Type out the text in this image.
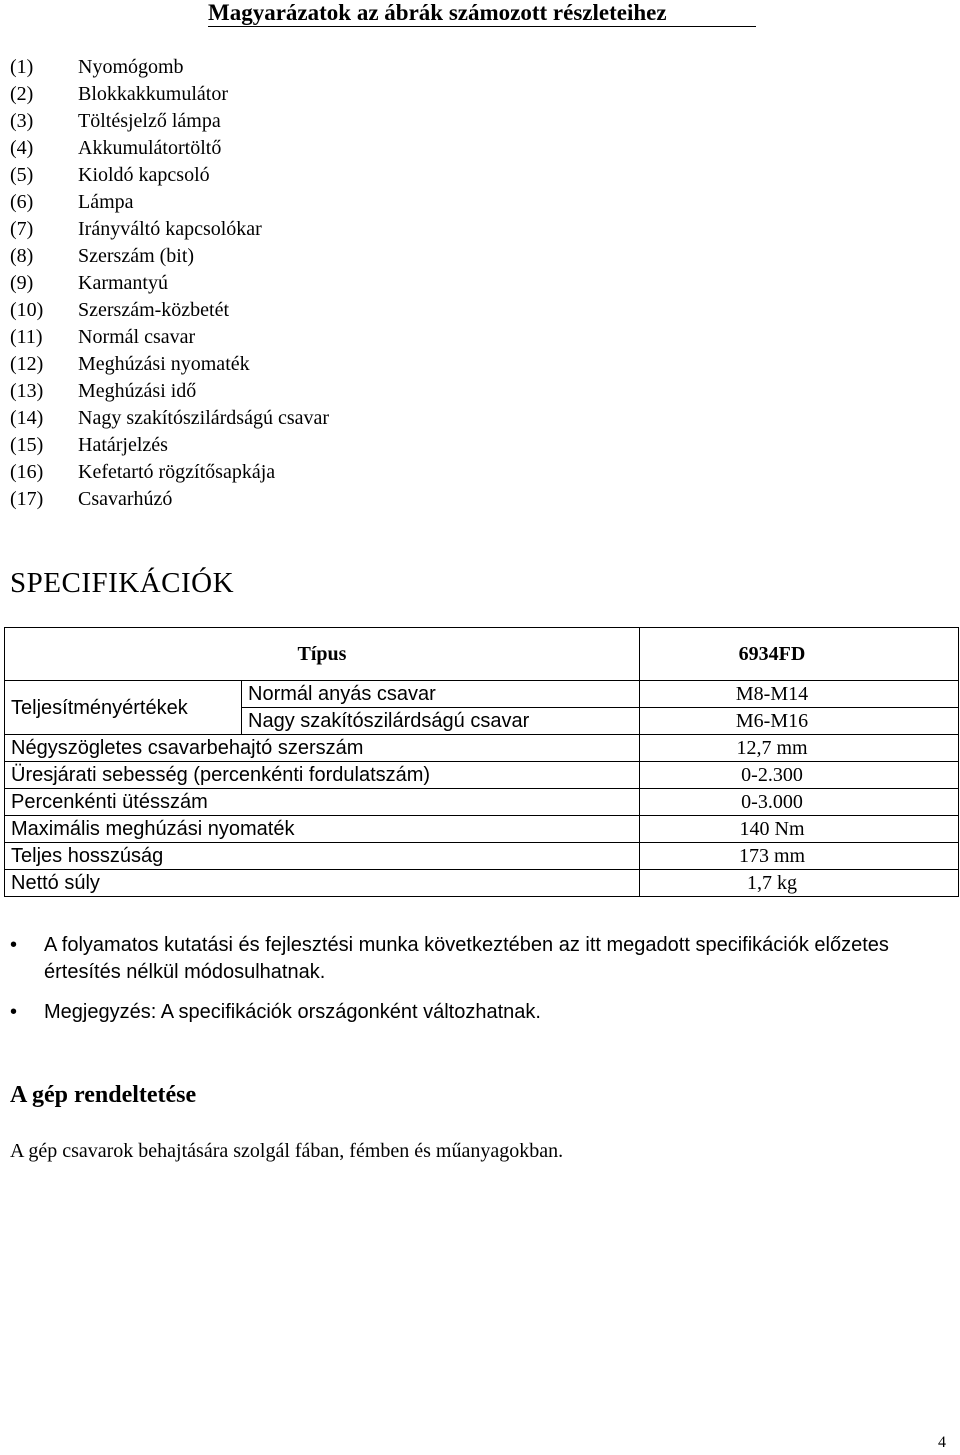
Magyarázatok az ábrák számozott részleteihez
(1) Nyomógomb
(2) Blokkakkumulátor
(3) Töltésjelző lámpa
(4) Akkumulátortöltő
(5) Kioldó kapcsoló
(6) Lámpa
(7) Irányváltó kapcsolókar
(8) Szerszám (bit)
(9) Karmantyú
(10) Szerszám-közbetét
(11) Normál csavar
(12) Meghúzási nyomaték
(13) Meghúzási idő
(14) Nagy szakítószilárdságú csavar
(15) Határjelzés
(16) Kefetartó rögzítősapkája
(17) Csavarhúzó
SPECIFIKÁCIÓK
Típus		6934FD
Teljesítményértékek	Normál anyás csavar	M8-M14
	Nagy szakítószilárdságú csavar	M6-M16
Négyszögletes csavarbehajtó szerszám		12,7 mm
Üresjárati sebesség (percenkénti fordulatszám)		0-2.300
Percenkénti ütésszám		0-3.000
Maximális meghúzási nyomaték		140 Nm
Teljes hosszúság		173 mm
Nettó súly		1,7 kg
• A folyamatos kutatási és fejlesztési munka következtében az itt megadott specifikációk előzetes értesítés nélkül módosulhatnak.
• Megjegyzés: A specifikációk országonként változhatnak.
A gép rendeltetése
A gép csavarok behajtására szolgál fában, fémben és műanyagokban.
4
